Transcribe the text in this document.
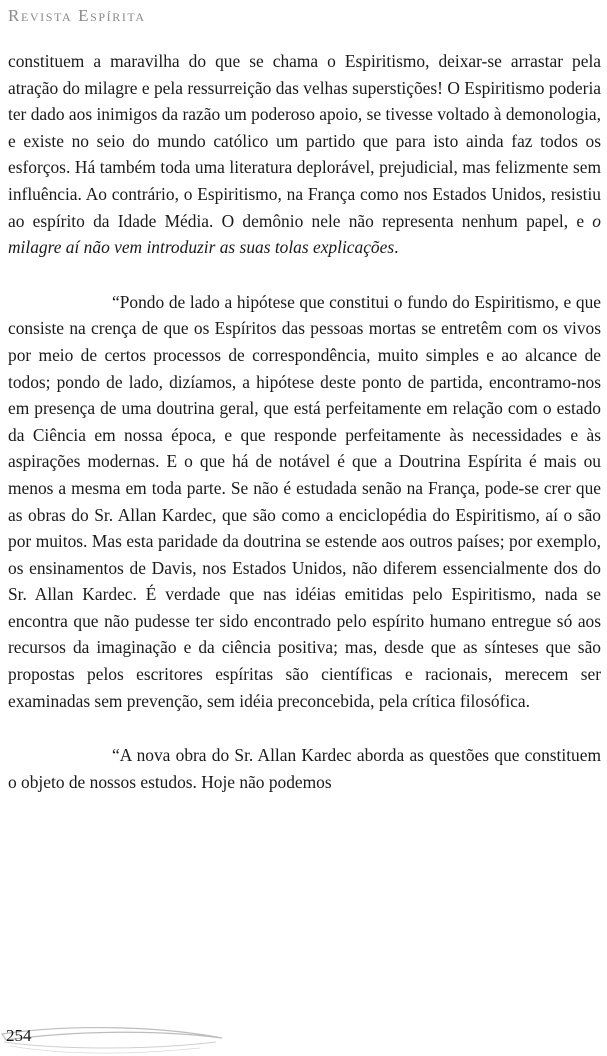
Revista Espírita

constituem a maravilha do que se chama o Espiritismo, deixar-se arrastar pela atração do milagre e pela ressurreição das velhas superstições! O Espiritismo poderia ter dado aos inimigos da razão um poderoso apoio, se tivesse voltado à demonologia, e existe no seio do mundo católico um partido que para isto ainda faz todos os esforços. Há também toda uma literatura deplorável, prejudicial, mas felizmente sem influência. Ao contrário, o Espiritismo, na França como nos Estados Unidos, resistiu ao espírito da Idade Média. O demônio nele não representa nenhum papel, e o milagre aí não vem introduzir as suas tolas explicações.

“Pondo de lado a hipótese que constitui o fundo do Espiritismo, e que consiste na crença de que os Espíritos das pessoas mortas se entretêm com os vivos por meio de certos processos de correspondência, muito simples e ao alcance de todos; pondo de lado, dizíamos, a hipótese deste ponto de partida, encontramo-nos em presença de uma doutrina geral, que está perfeitamente em relação com o estado da Ciência em nossa época, e que responde perfeitamente às necessidades e às aspirações modernas. E o que há de notável é que a Doutrina Espírita é mais ou menos a mesma em toda parte. Se não é estudada senão na França, pode-se crer que as obras do Sr. Allan Kardec, que são como a enciclopédia do Espiritismo, aí o são por muitos. Mas esta paridade da doutrina se estende aos outros países; por exemplo, os ensinamentos de Davis, nos Estados Unidos, não diferem essencialmente dos do Sr. Allan Kardec. É verdade que nas idéias emitidas pelo Espiritismo, nada se encontra que não pudesse ter sido encontrado pelo espírito humano entregue só aos recursos da imaginação e da ciência positiva; mas, desde que as sínteses que são propostas pelos escritores espíritas são científicas e racionais, merecem ser examinadas sem prevenção, sem idéia preconcebida, pela crítica filosófica.

“A nova obra do Sr. Allan Kardec aborda as questões que constituem o objeto de nossos estudos. Hoje não podemos

254
